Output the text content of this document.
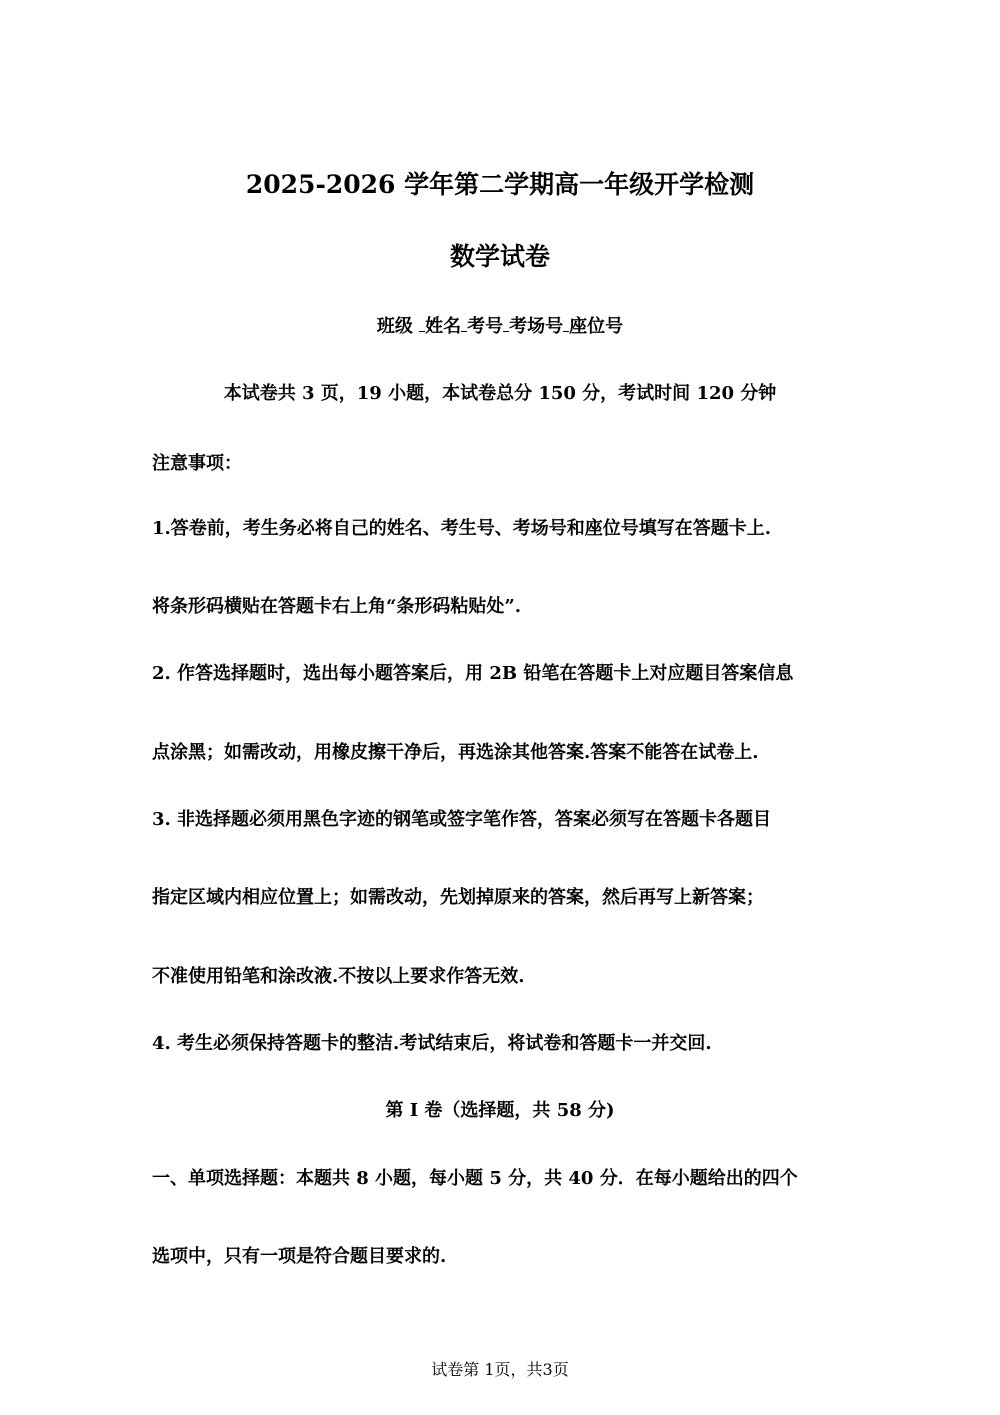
2025-2026 学年第二学期高一年级开学检测
数学试卷
班级 姓名 考号 考场号 座位号
本试卷共 3 页，19 小题，本试卷总分 150 分，考试时间 120 分钟
注意事项：
1.答卷前，考生务必将自己的姓名、考生号、考场号和座位号填写在答题卡上.
将条形码横贴在答题卡右上角“条形码粘贴处”.
2. 作答选择题时，选出每小题答案后，用 2B 铅笔在答题卡上对应题目答案信息
点涂黑；如需改动，用橡皮擦干净后，再选涂其他答案.答案不能答在试卷上.
3. 非选择题必须用黑色字迹的钢笔或签字笔作答，答案必须写在答题卡各题目
指定区域内相应位置上；如需改动，先划掉原来的答案，然后再写上新答案；
不准使用铅笔和涂改液.不按以上要求作答无效.
4. 考生必须保持答题卡的整洁.考试结束后，将试卷和答题卡一并交回.
第 I 卷（选择题，共 58 分)
一、单项选择题：本题共 8 小题，每小题 5 分，共 40 分．在每小题给出的四个
选项中，只有一项是符合题目要求的.
试卷第 1页，共3页
